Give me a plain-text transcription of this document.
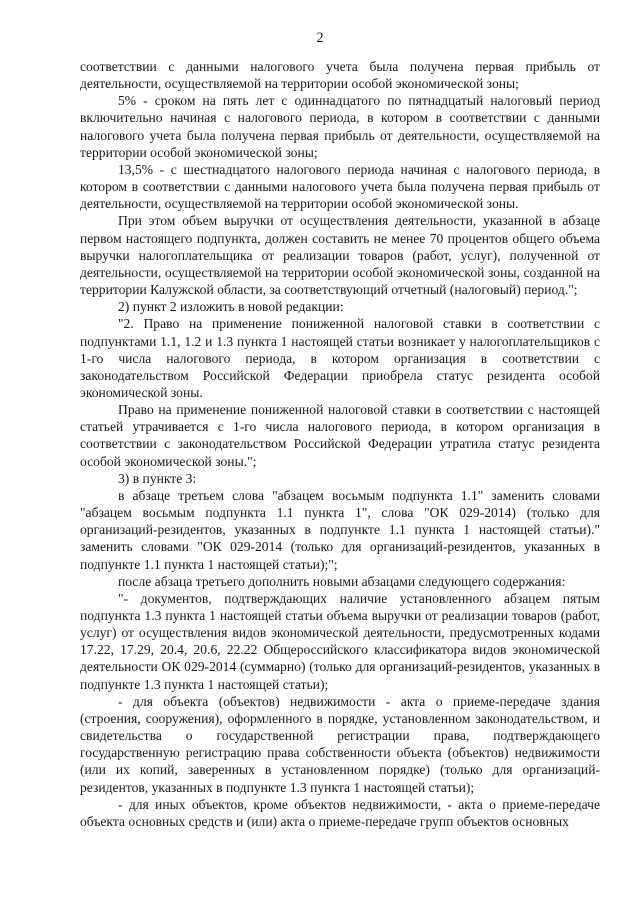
2

соответствии с данными налогового учета была получена первая прибыль от деятельности, осуществляемой на территории особой экономической зоны;

5% - сроком на пять лет с одиннадцатого по пятнадцатый налоговый период включительно начиная с налогового периода, в котором в соответствии с данными налогового учета была получена первая прибыль от деятельности, осуществляемой на территории особой экономической зоны;

13,5% - с шестнадцатого налогового периода начиная с налогового периода, в котором в соответствии с данными налогового учета была получена первая прибыль от деятельности, осуществляемой на территории особой экономической зоны.

При этом объем выручки от осуществления деятельности, указанной в абзаце первом настоящего подпункта, должен составить не менее 70 процентов общего объема выручки налогоплательщика от реализации товаров (работ, услуг), полученной от деятельности, осуществляемой на территории особой экономической зоны, созданной на территории Калужской области, за соответствующий отчетный (налоговый) период.";

2) пункт 2 изложить в новой редакции:

"2. Право на применение пониженной налоговой ставки в соответствии с подпунктами 1.1, 1.2 и 1.3 пункта 1 настоящей статьи возникает у налогоплательщиков с 1-го числа налогового периода, в котором организация в соответствии с законодательством Российской Федерации приобрела статус резидента особой экономической зоны.

Право на применение пониженной налоговой ставки в соответствии с настоящей статьей утрачивается с 1-го числа налогового периода, в котором организация в соответствии с законодательством Российской Федерации утратила статус резидента особой экономической зоны.";

3) в пункте 3:

в абзаце третьем слова "абзацем восьмым подпункта 1.1" заменить словами "абзацем восьмым подпункта 1.1 пункта 1", слова "ОК 029-2014) (только для организаций-резидентов, указанных в подпункте 1.1 пункта 1 настоящей статьи)." заменить словами "ОК 029-2014 (только для организаций-резидентов, указанных в подпункте 1.1 пункта 1 настоящей статьи);";

после абзаца третьего дополнить новыми абзацами следующего содержания:

"- документов, подтверждающих наличие установленного абзацем пятым подпункта 1.3 пункта 1 настоящей статьи объема выручки от реализации товаров (работ, услуг) от осуществления видов экономической деятельности, предусмотренных кодами 17.22, 17.29, 20.4, 20.6, 22.22 Общероссийского классификатора видов экономической деятельности ОК 029-2014 (суммарно) (только для организаций-резидентов, указанных в подпункте 1.3 пункта 1 настоящей статьи);

- для объекта (объектов) недвижимости - акта о приеме-передаче здания (строения, сооружения), оформленного в порядке, установленном законодательством, и свидетельства о государственной регистрации права, подтверждающего государственную регистрацию права собственности объекта (объектов) недвижимости (или их копий, заверенных в установленном порядке) (только для организаций-резидентов, указанных в подпункте 1.3 пункта 1 настоящей статьи);

- для иных объектов, кроме объектов недвижимости, - акта о приеме-передаче объекта основных средств и (или) акта о приеме-передаче групп объектов основных
